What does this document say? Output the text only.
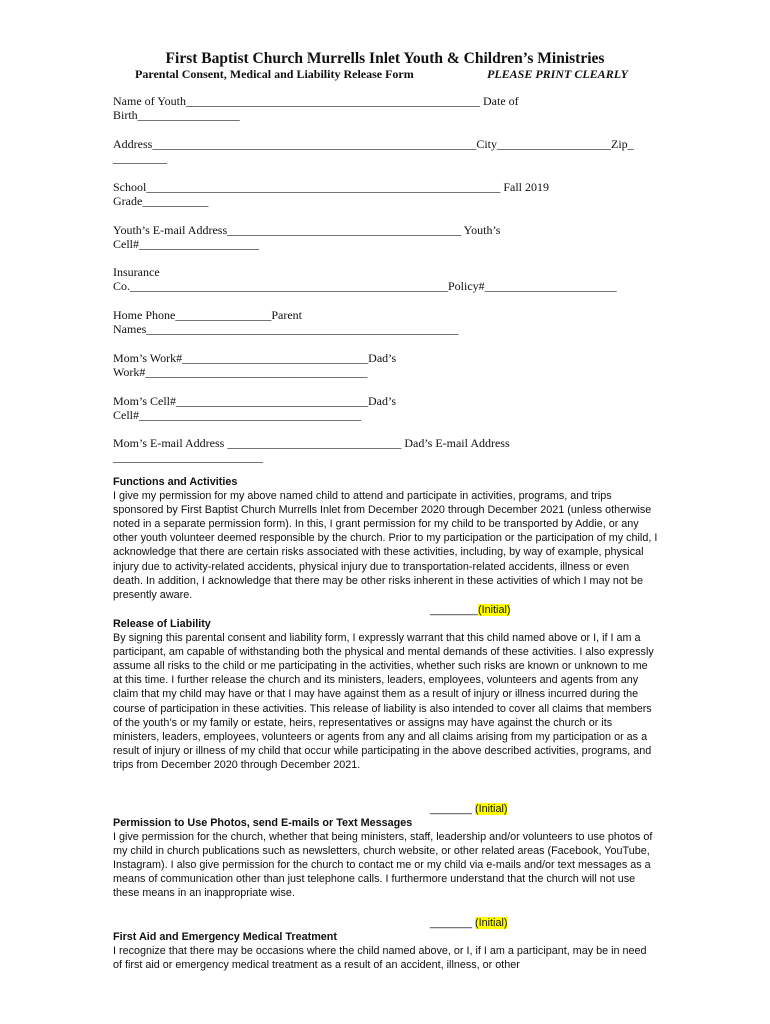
First Baptist Church Murrells Inlet Youth & Children’s Ministries
Parental Consent, Medical and Liability Release Form	PLEASE PRINT CLEARLY
Name of Youth_________________________________________________ Date of
Birth_________________
Address______________________________________________________City___________________Zip_
_________
School___________________________________________________________ Fall 2019
Grade___________
Youth’s E-mail Address_______________________________________ Youth’s
Cell#____________________
Insurance
Co._____________________________________________________Policy#______________________
Home Phone________________Parent
Names____________________________________________________
Mom’s Work#_______________________________Dad’s
Work#_____________________________________
Mom’s Cell#________________________________Dad’s
Cell#_____________________________________
Mom’s E-mail Address _____________________________ Dad’s E-mail Address
_________________________
Functions and Activities

I give my permission for my above named child to attend and participate in activities, programs, and trips sponsored by First Baptist Church Murrells Inlet from December 2020 through December 2021 (unless otherwise noted in a separate permission form). In this, I grant permission for my child to be transported by Addie, or any other youth volunteer deemed responsible by the church. Prior to my participation or the participation of my child, I acknowledge that there are certain risks associated with these activities, including, by way of example, physical injury due to activity-related accidents, physical injury due to transportation-related accidents, illness or even death. In addition, I acknowledge that there may be other risks inherent in these activities of which I may not be presently aware.

________(Initial)
Release of Liability

By signing this parental consent and liability form, I expressly warrant that this child named above or I, if I am a participant, am capable of withstanding both the physical and mental demands of these activities. I also expressly assume all risks to the child or me participating in the activities, whether such risks are known or unknown to me at this time. I further release the church and its ministers, leaders, employees, volunteers and agents from any claim that my child may have or that I may have against them as a result of injury or illness incurred during the course of participation in these activities. This release of liability is also intended to cover all claims that members of the youth’s or my family or estate, heirs, representatives or assigns may have against the church or its ministers, leaders, employees, volunteers or agents from any and all claims arising from my participation or as a result of injury or illness of my child that occur while participating in the above described activities, programs, and trips from December 2020 through December 2021.

_______ (Initial)
Permission to Use Photos, send E-mails or Text Messages

I give permission for the church, whether that being ministers, staff, leadership and/or volunteers to use photos of my child in church publications such as newsletters, church website, or other related areas (Facebook, YouTube, Instagram). I also give permission for the church to contact me or my child via e-mails and/or text messages as a means of communication other than just telephone calls. I furthermore understand that the church will not use these means in an inappropriate wise.

_______ (Initial)
First Aid and Emergency Medical Treatment

I recognize that there may be occasions where the child named above, or I, if I am a participant, may be in need of first aid or emergency medical treatment as a result of an accident, illness, or other
